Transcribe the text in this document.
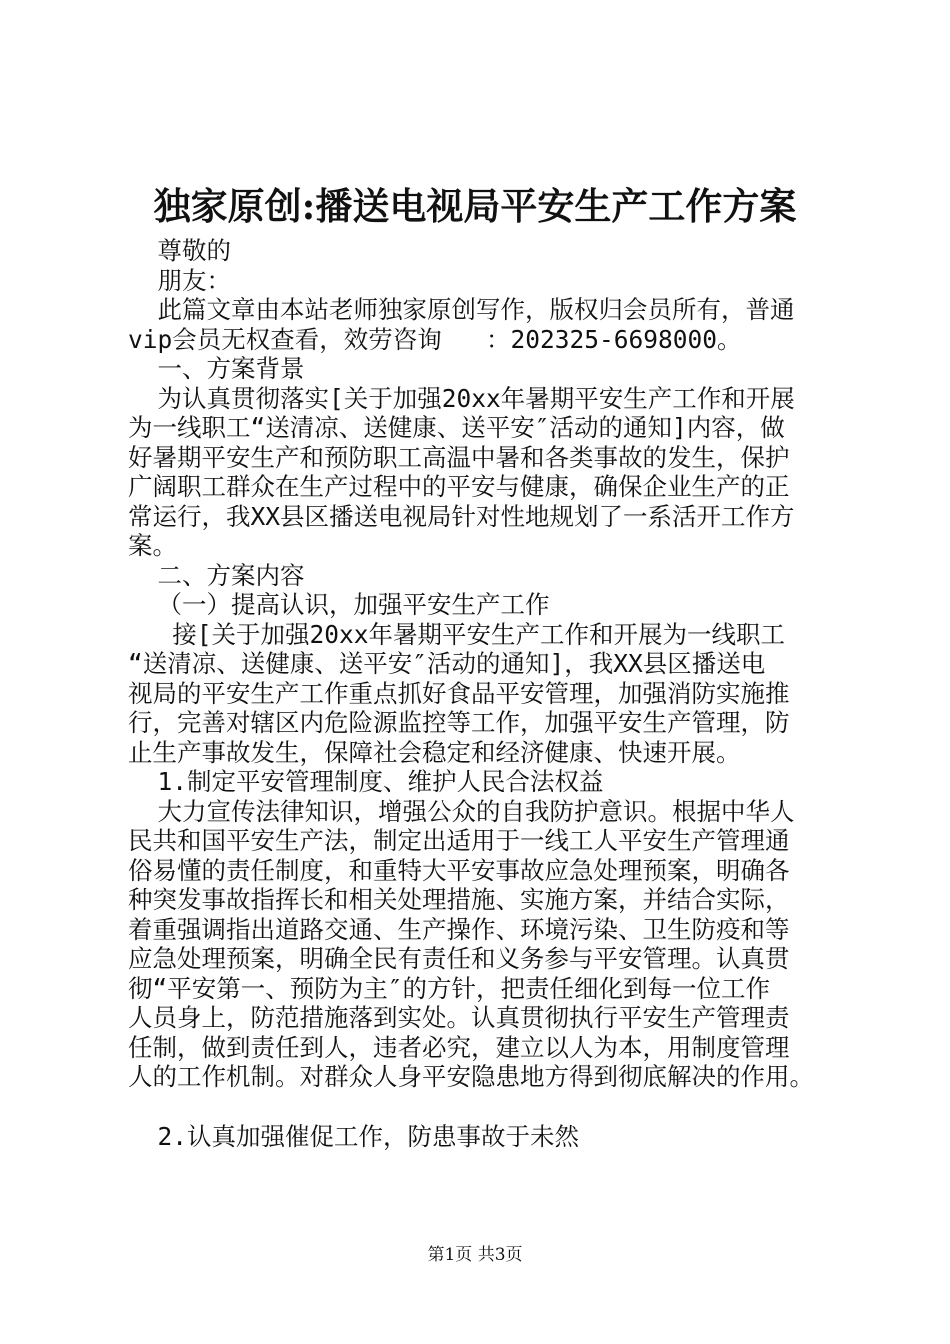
独家原创:播送电视局平安生产工作方案
尊敬的
朋友：
此篇文章由本站老师独家原创写作，版权归会员所有，普通
vip会员无权查看，效劳咨询   ：202325-6698000。
一、方案背景
为认真贯彻落实[关于加强20xx年暑期平安生产工作和开展
为一线职工“送清凉、送健康、送平安″活动的通知]内容，做
好暑期平安生产和预防职工高温中暑和各类事故的发生，保护
广阔职工群众在生产过程中的平安与健康，确保企业生产的正
常运行，我XX县区播送电视局针对性地规划了一系活开工作方
案。
二、方案内容
（一）提高认识，加强平安生产工作
接[关于加强20xx年暑期平安生产工作和开展为一线职工
“送清凉、送健康、送平安″活动的通知]，我XX县区播送电
视局的平安生产工作重点抓好食品平安管理，加强消防实施推
行，完善对辖区内危险源监控等工作，加强平安生产管理，防
止生产事故发生，保障社会稳定和经济健康、快速开展。
1.制定平安管理制度、维护人民合法权益
大力宣传法律知识，增强公众的自我防护意识。根据中华人
民共和国平安生产法，制定出适用于一线工人平安生产管理通
俗易懂的责任制度，和重特大平安事故应急处理预案，明确各
种突发事故指挥长和相关处理措施、实施方案，并结合实际，
着重强调指出道路交通、生产操作、环境污染、卫生防疫和等
应急处理预案，明确全民有责任和义务参与平安管理。认真贯
彻“平安第一、预防为主″的方针，把责任细化到每一位工作
人员身上，防范措施落到实处。认真贯彻执行平安生产管理责
任制，做到责任到人，违者必究，建立以人为本，用制度管理
人的工作机制。对群众人身平安隐患地方得到彻底解决的作用。
2.认真加强催促工作，防患事故于未然
第1页 共3页
